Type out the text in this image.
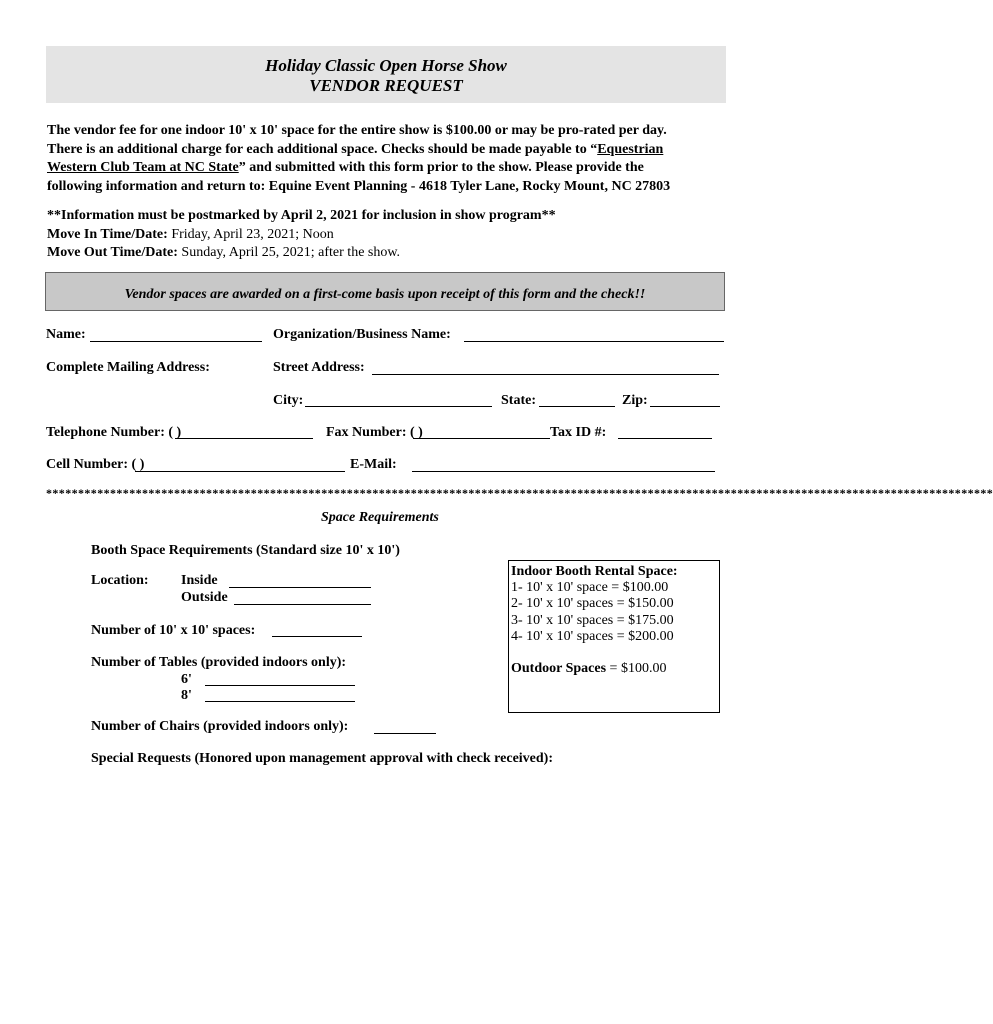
Holiday Classic Open Horse Show
VENDOR REQUEST
The vendor fee for one indoor 10' x 10' space for the entire show is $100.00 or may be pro-rated per day.
There is an additional charge for each additional space. Checks should be made payable to “Equestrian
Western Club Team at NC State” and submitted with this form prior to the show. Please provide the
following information and return to: Equine Event Planning - 4618 Tyler Lane, Rocky Mount, NC 27803
**Information must be postmarked by April 2, 2021 for inclusion in show program**
Move In Time/Date: Friday, April 23, 2021; Noon
Move Out Time/Date: Sunday, April 25, 2021; after the show.
Vendor spaces are awarded on a first-come basis upon receipt of this form and the check!!
Name:	Organization/Business Name:
Complete Mailing Address:	Street Address:
City:	State:	Zip:
Telephone Number: ( )	Fax Number: ( )	Tax ID #:
Cell Number: ( )	E-Mail:
****************************************************************************************************************************************************
Space Requirements
Booth Space Requirements (Standard size 10' x 10')
Location: Inside
Outside
Number of 10' x 10' spaces:
Number of Tables (provided indoors only):
6'
8'
Number of Chairs (provided indoors only):
Special Requests (Honored upon management approval with check received):
Indoor Booth Rental Space:
1- 10' x 10' space = $100.00
2- 10' x 10' spaces = $150.00
3- 10' x 10' spaces = $175.00
4- 10' x 10' spaces = $200.00
Outdoor Spaces = $100.00
